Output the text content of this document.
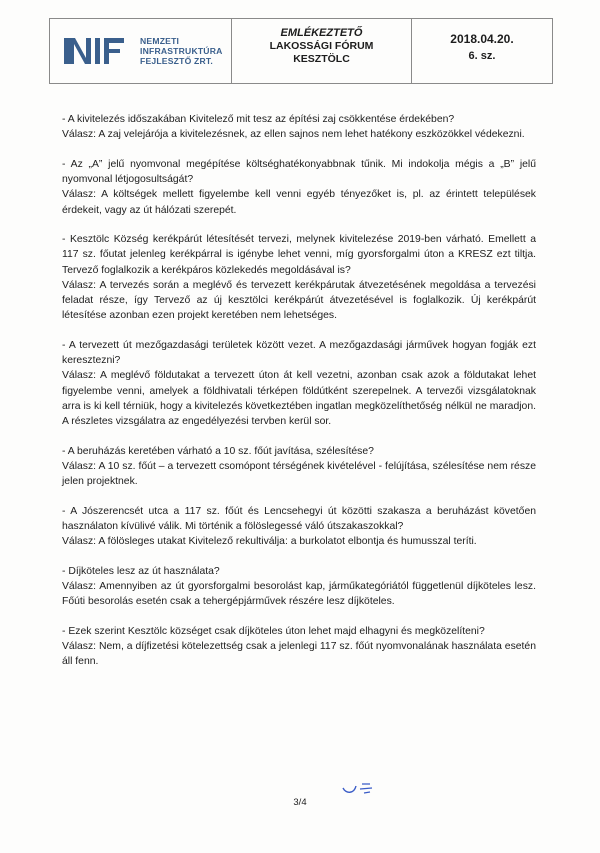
NEMZETI
INFRASTRUKTÚRA
FEJLESZTŐ ZRT.
EMLÉKEZTETŐ
LAKOSSÁGI FÓRUM
KESZTÖLC
2018.04.20.
6. sz.

- A kivitelezés időszakában Kivitelező mit tesz az építési zaj csökkentése érdekében?

Válasz: A zaj velejárója a kivitelezésnek, az ellen sajnos nem lehet hatékony eszközökkel védekezni.

- Az „A” jelű nyomvonal megépítése költséghatékonyabbnak tűnik. Mi indokolja mégis a „B” jelű nyomvonal létjogosultságát?

Válasz: A költségek mellett figyelembe kell venni egyéb tényezőket is, pl. az érintett települések érdekeit, vagy az út hálózati szerepét.

- Kesztölc Község kerékpárút létesítését tervezi, melynek kivitelezése 2019-ben várható. Emellett a 117 sz. főutat jelenleg kerékpárral is igénybe lehet venni, míg gyorsforgalmi úton a KRESZ ezt tiltja. Tervező foglalkozik a kerékpáros közlekedés megoldásával is?

Válasz: A tervezés során a meglévő és tervezett kerékpárutak átvezetésének megoldása a tervezési feladat része, így Tervező az új kesztölci kerékpárút átvezetésével is foglalkozik. Új kerékpárút létesítése azonban ezen projekt keretében nem lehetséges.

- A tervezett út mezőgazdasági területek között vezet. A mezőgazdasági járművek hogyan fogják ezt keresztezni?

Válasz: A meglévő földutakat a tervezett úton át kell vezetni, azonban csak azok a földutakat lehet figyelembe venni, amelyek a földhivatali térképen földútként szerepelnek. A tervezői vizsgálatoknak arra is ki kell térniük, hogy a kivitelezés következtében ingatlan megközelíthetőség nélkül ne maradjon. A részletes vizsgálatra az engedélyezési tervben kerül sor.

- A beruházás keretében várható a 10 sz. főút javítása, szélesítése?

Válasz: A 10 sz. főút – a tervezett csomópont térségének kivételével - felújítása, szélesítése nem része jelen projektnek.

- A Jószerencsét utca a 117 sz. főút és Lencsehegyi út közötti szakasza a beruházást követően használaton kívülivé válik. Mi történik a fölöslegessé váló útszakaszokkal?

Válasz: A fölösleges utakat Kivitelező rekultiválja: a burkolatot elbontja és humusszal teríti.

- Díjköteles lesz az út használata?

Válasz: Amennyiben az út gyorsforgalmi besorolást kap, járműkategóriától függetlenül díjköteles lesz. Főúti besorolás esetén csak a tehergépjárművek részére lesz díjköteles.

- Ezek szerint Kesztölc községet csak díjköteles úton lehet majd elhagyni és megközelíteni?

Válasz: Nem, a díjfizetési kötelezettség csak a jelenlegi 117 sz. főút nyomvonalának használata esetén áll fenn.

3/4
